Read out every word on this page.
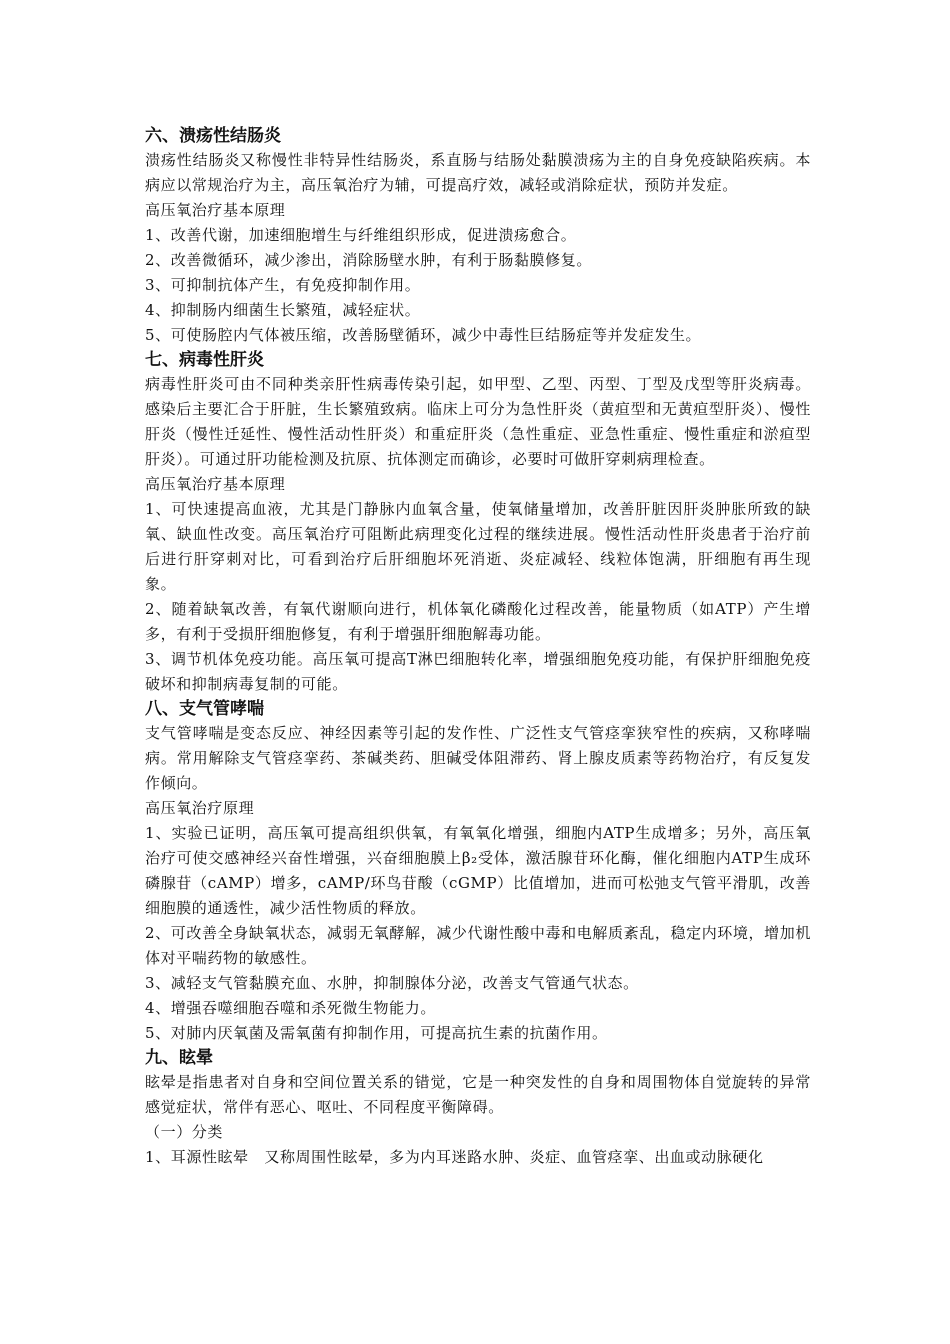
六、溃疡性结肠炎

溃疡性结肠炎又称慢性非特异性结肠炎，系直肠与结肠处黏膜溃疡为主的自身免疫缺陷疾病。本病应以常规治疗为主，高压氧治疗为辅，可提高疗效，减轻或消除症状，预防并发症。

高压氧治疗基本原理

1、改善代谢，加速细胞增生与纤维组织形成，促进溃疡愈合。

2、改善微循环，减少渗出，消除肠壁水肿，有利于肠黏膜修复。

3、可抑制抗体产生，有免疫抑制作用。

4、抑制肠内细菌生长繁殖，减轻症状。

5、可使肠腔内气体被压缩，改善肠壁循环，减少中毒性巨结肠症等并发症发生。

七、病毒性肝炎

病毒性肝炎可由不同种类亲肝性病毒传染引起，如甲型、乙型、丙型、丁型及戊型等肝炎病毒。感染后主要汇合于肝脏，生长繁殖致病。临床上可分为急性肝炎（黄疸型和无黄疸型肝炎）、慢性肝炎（慢性迁延性、慢性活动性肝炎）和重症肝炎（急性重症、亚急性重症、慢性重症和淤疸型肝炎）。可通过肝功能检测及抗原、抗体测定而确诊，必要时可做肝穿刺病理检查。

高压氧治疗基本原理

1、可快速提高血液，尤其是门静脉内血氧含量，使氧储量增加，改善肝脏因肝炎肿胀所致的缺氧、缺血性改变。高压氧治疗可阻断此病理变化过程的继续进展。慢性活动性肝炎患者于治疗前后进行肝穿刺对比，可看到治疗后肝细胞坏死消逝、炎症减轻、线粒体饱满，肝细胞有再生现象。

2、随着缺氧改善，有氧代谢顺向进行，机体氧化磷酸化过程改善，能量物质（如ATP）产生增多，有利于受损肝细胞修复，有利于增强肝细胞解毒功能。

3、调节机体免疫功能。高压氧可提高T淋巴细胞转化率，增强细胞免疫功能，有保护肝细胞免疫破坏和抑制病毒复制的可能。

八、支气管哮喘

支气管哮喘是变态反应、神经因素等引起的发作性、广泛性支气管痉挛狭窄性的疾病，又称哮喘病。常用解除支气管痉挛药、茶碱类药、胆碱受体阻滞药、肾上腺皮质素等药物治疗，有反复发作倾向。

高压氧治疗原理

1、实验已证明，高压氧可提高组织供氧，有氧氧化增强，细胞内ATP生成增多；另外，高压氧治疗可使交感神经兴奋性增强，兴奋细胞膜上β₂受体，激活腺苷环化酶，催化细胞内ATP生成环磷腺苷（cAMP）增多，cAMP/环鸟苷酸（cGMP）比值增加，进而可松弛支气管平滑肌，改善细胞膜的通透性，减少活性物质的释放。

2、可改善全身缺氧状态，减弱无氧酵解，减少代谢性酸中毒和电解质紊乱，稳定内环境，增加机体对平喘药物的敏感性。

3、减轻支气管黏膜充血、水肿，抑制腺体分泌，改善支气管通气状态。

4、增强吞噬细胞吞噬和杀死微生物能力。

5、对肺内厌氧菌及需氧菌有抑制作用，可提高抗生素的抗菌作用。

九、眩晕

眩晕是指患者对自身和空间位置关系的错觉，它是一种突发性的自身和周围物体自觉旋转的异常感觉症状，常伴有恶心、呕吐、不同程度平衡障碍。

（一）分类

1、耳源性眩晕　又称周围性眩晕，多为内耳迷路水肿、炎症、血管痉挛、出血或动脉硬化
